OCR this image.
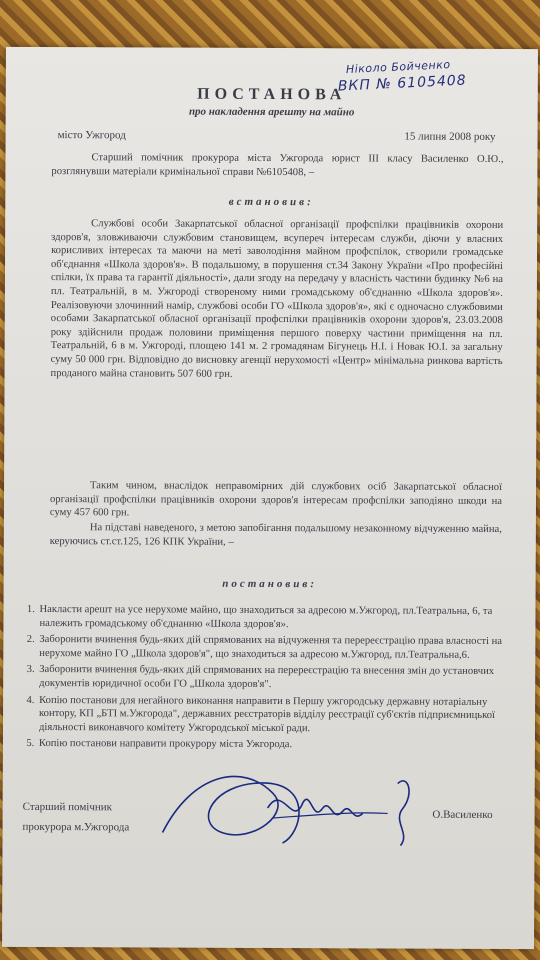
Ніколо Бойченко
ВКП № 6105408
ПОСТАНОВА
про накладення арешту на майно
місто Ужгород	15 липня 2008 року
Старший помічник прокурора міста Ужгорода юрист ІІІ класу Василенко О.Ю., розглянувши матеріали кримінальної справи №6105408, –
встановив:
Службові особи Закарпатської обласної організації профспілки працівників охорони здоров'я, зловживаючи службовим становищем, всупереч інтересам служби, діючи у власних корисливих інтересах та маючи на меті заволодіння майном профспілок, створили громадське об'єднання «Школа здоров'я». В подальшому, в порушення ст.34 Закону України «Про професійні спілки, їх права та гарантії діяльності», дали згоду на передачу у власність частини будинку №6 на пл. Театральній, в м. Ужгороді створеному ними громадському об'єднанню «Школа здоров'я». Реалізовуючи злочинний намір, службові особи ГО «Школа здоров'я», які є одночасно службовими особами Закарпатської обласної організації профспілки працівників охорони здоров'я, 23.03.2008 року здійснили продаж половини приміщення першого поверху частини приміщення на пл. Театральній, 6 в м. Ужгороді, площею 141 м. 2 громадянам Бігунець Н.І. і Новак Ю.І. за загальну суму 50 000 грн. Відповідно до висновку агенції нерухомості «Центр» мінімальна ринкова вартість проданого майна становить 507 600 грн.
Таким чином, внаслідок неправомірних дій службових осіб Закарпатської обласної організації профспілки працівників охорони здоров'я інтересам профспілки заподіяно шкоди на суму 457 600 грн.
На підставі наведеного, з метою запобігання подальшому незаконному відчуженню майна, керуючись ст.ст.125, 126 КПК України, –
постановив:
1. Накласти арешт на усе нерухоме майно, що знаходиться за адресою м.Ужгород, пл.Театральна, 6, та належить громадському об'єднанню «Школа здоров'я».
2. Заборонити вчинення будь-яких дій спрямованих на відчуження та перереєстрацію права власності на нерухоме майно ГО „Школа здоров'я", що знаходиться за адресою м.Ужгород, пл.Театральна,6.
3. Заборонити вчинення будь-яких дій спрямованих на перереєстрацію та внесення змін до установчих документів юридичної особи ГО „Школа здоров'я".
4. Копію постанови для негайного виконання направити в Першу ужгородську державну нотаріальну контору, КП „БТІ м.Ужгорода", державних реєстраторів відділу реєстрації суб'єктів підприємницької діяльності виконавчого комітету Ужгородської міської ради.
5. Копію постанови направити прокурору міста Ужгорода.
Старший помічник
прокурора м.Ужгорода
О.Василенко
